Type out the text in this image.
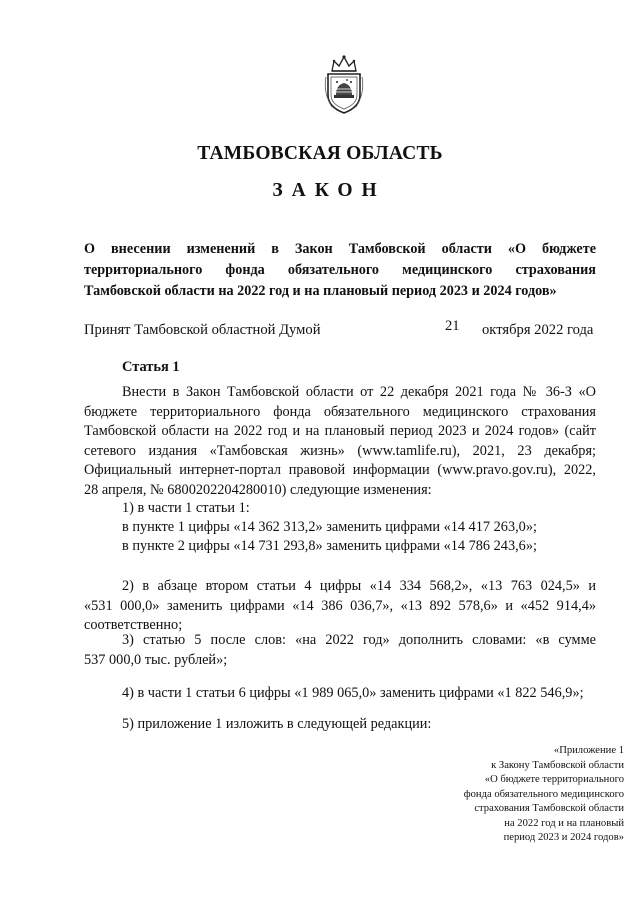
ТАМБОВСКАЯ ОБЛАСТЬ
ЗАКОН
О внесении изменений в Закон Тамбовской области «О бюджете
территориального фонда обязательного медицинского страхования
Тамбовской области на 2022 год и на плановый период 2023 и 2024 годов»
Принят Тамбовской областной Думой	21 октября 2022 года
Статья 1
Внести в Закон Тамбовской области от 22 декабря 2021 года № 36-З «О
бюджете территориального фонда обязательного медицинского страхования
Тамбовской области на 2022 год и на плановый период 2023 и 2024 годов» (сайт
сетевого издания «Тамбовская жизнь» (www.tamlife.ru), 2021, 23 декабря;
Официальный интернет-портал правовой информации (www.pravo.gov.ru), 2022,
28 апреля, № 6800202204280010) следующие изменения:
1) в части 1 статьи 1:
в пункте 1 цифры «14 362 313,2» заменить цифрами «14 417 263,0»;
в пункте 2 цифры «14 731 293,8» заменить цифрами «14 786 243,6»;
2) в абзаце втором статьи 4 цифры «14 334 568,2», «13 763 024,5» и
«531 000,0» заменить цифрами «14 386 036,7», «13 892 578,6» и «452 914,4»
соответственно;
3) статью 5 после слов: «на 2022 год» дополнить словами: «в сумме
537 000,0 тыс. рублей»;
4) в части 1 статьи 6 цифры «1 989 065,0» заменить цифрами «1 822 546,9»;
5) приложение 1 изложить в следующей редакции:
«Приложение 1
к Закону Тамбовской области
«О бюджете территориального
фонда обязательного медицинского
страхования Тамбовской области
на 2022 год и на плановый
период 2023 и 2024 годов»
